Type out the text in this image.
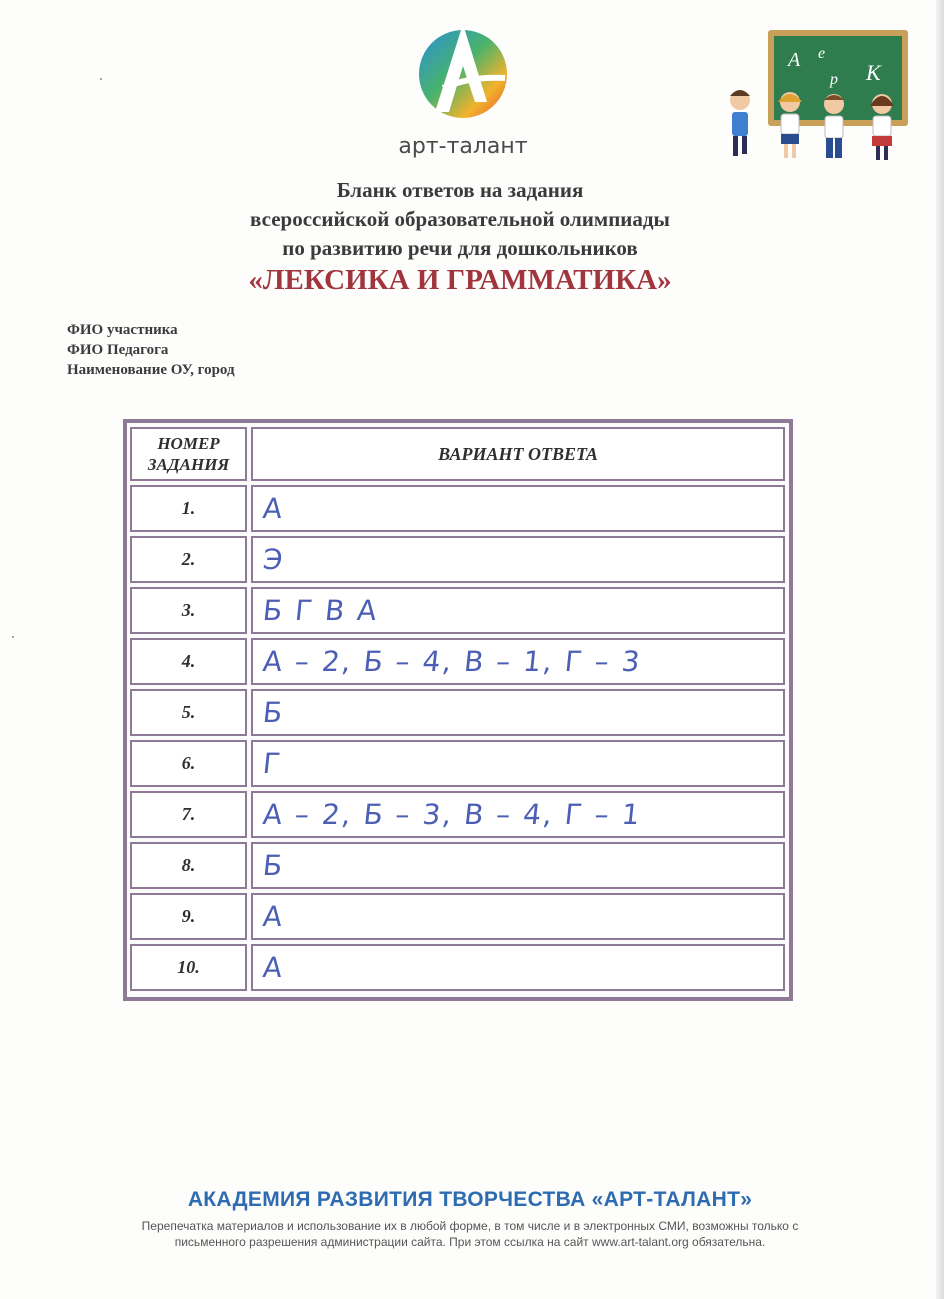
арт-талант
А е
р К
Бланк ответов на задания
всероссийской образовательной олимпиады
по развитию речи для дошкольников
«ЛЕКСИКА И ГРАММАТИКА»
ФИО участника
ФИО Педагога
Наименование ОУ, город
НОМЕР ЗАДАНИЯ
ВАРИАНТ ОТВЕТА
1.	А
2.	Э
3.	Б Г В А
4.	А – 2, Б – 4, В – 1, Г – 3
5.	Б
6.	Г
7.	А – 2, Б – 3, В – 4, Г – 1
8.	Б
9.	А
10.	А
АКАДЕМИЯ РАЗВИТИЯ ТВОРЧЕСТВА «АРТ-ТАЛАНТ»
Перепечатка материалов и использование их в любой форме, в том числе и в электронных СМИ, возможны только с
письменного разрешения администрации сайта. При этом ссылка на сайт www.art-talant.org обязательна.
